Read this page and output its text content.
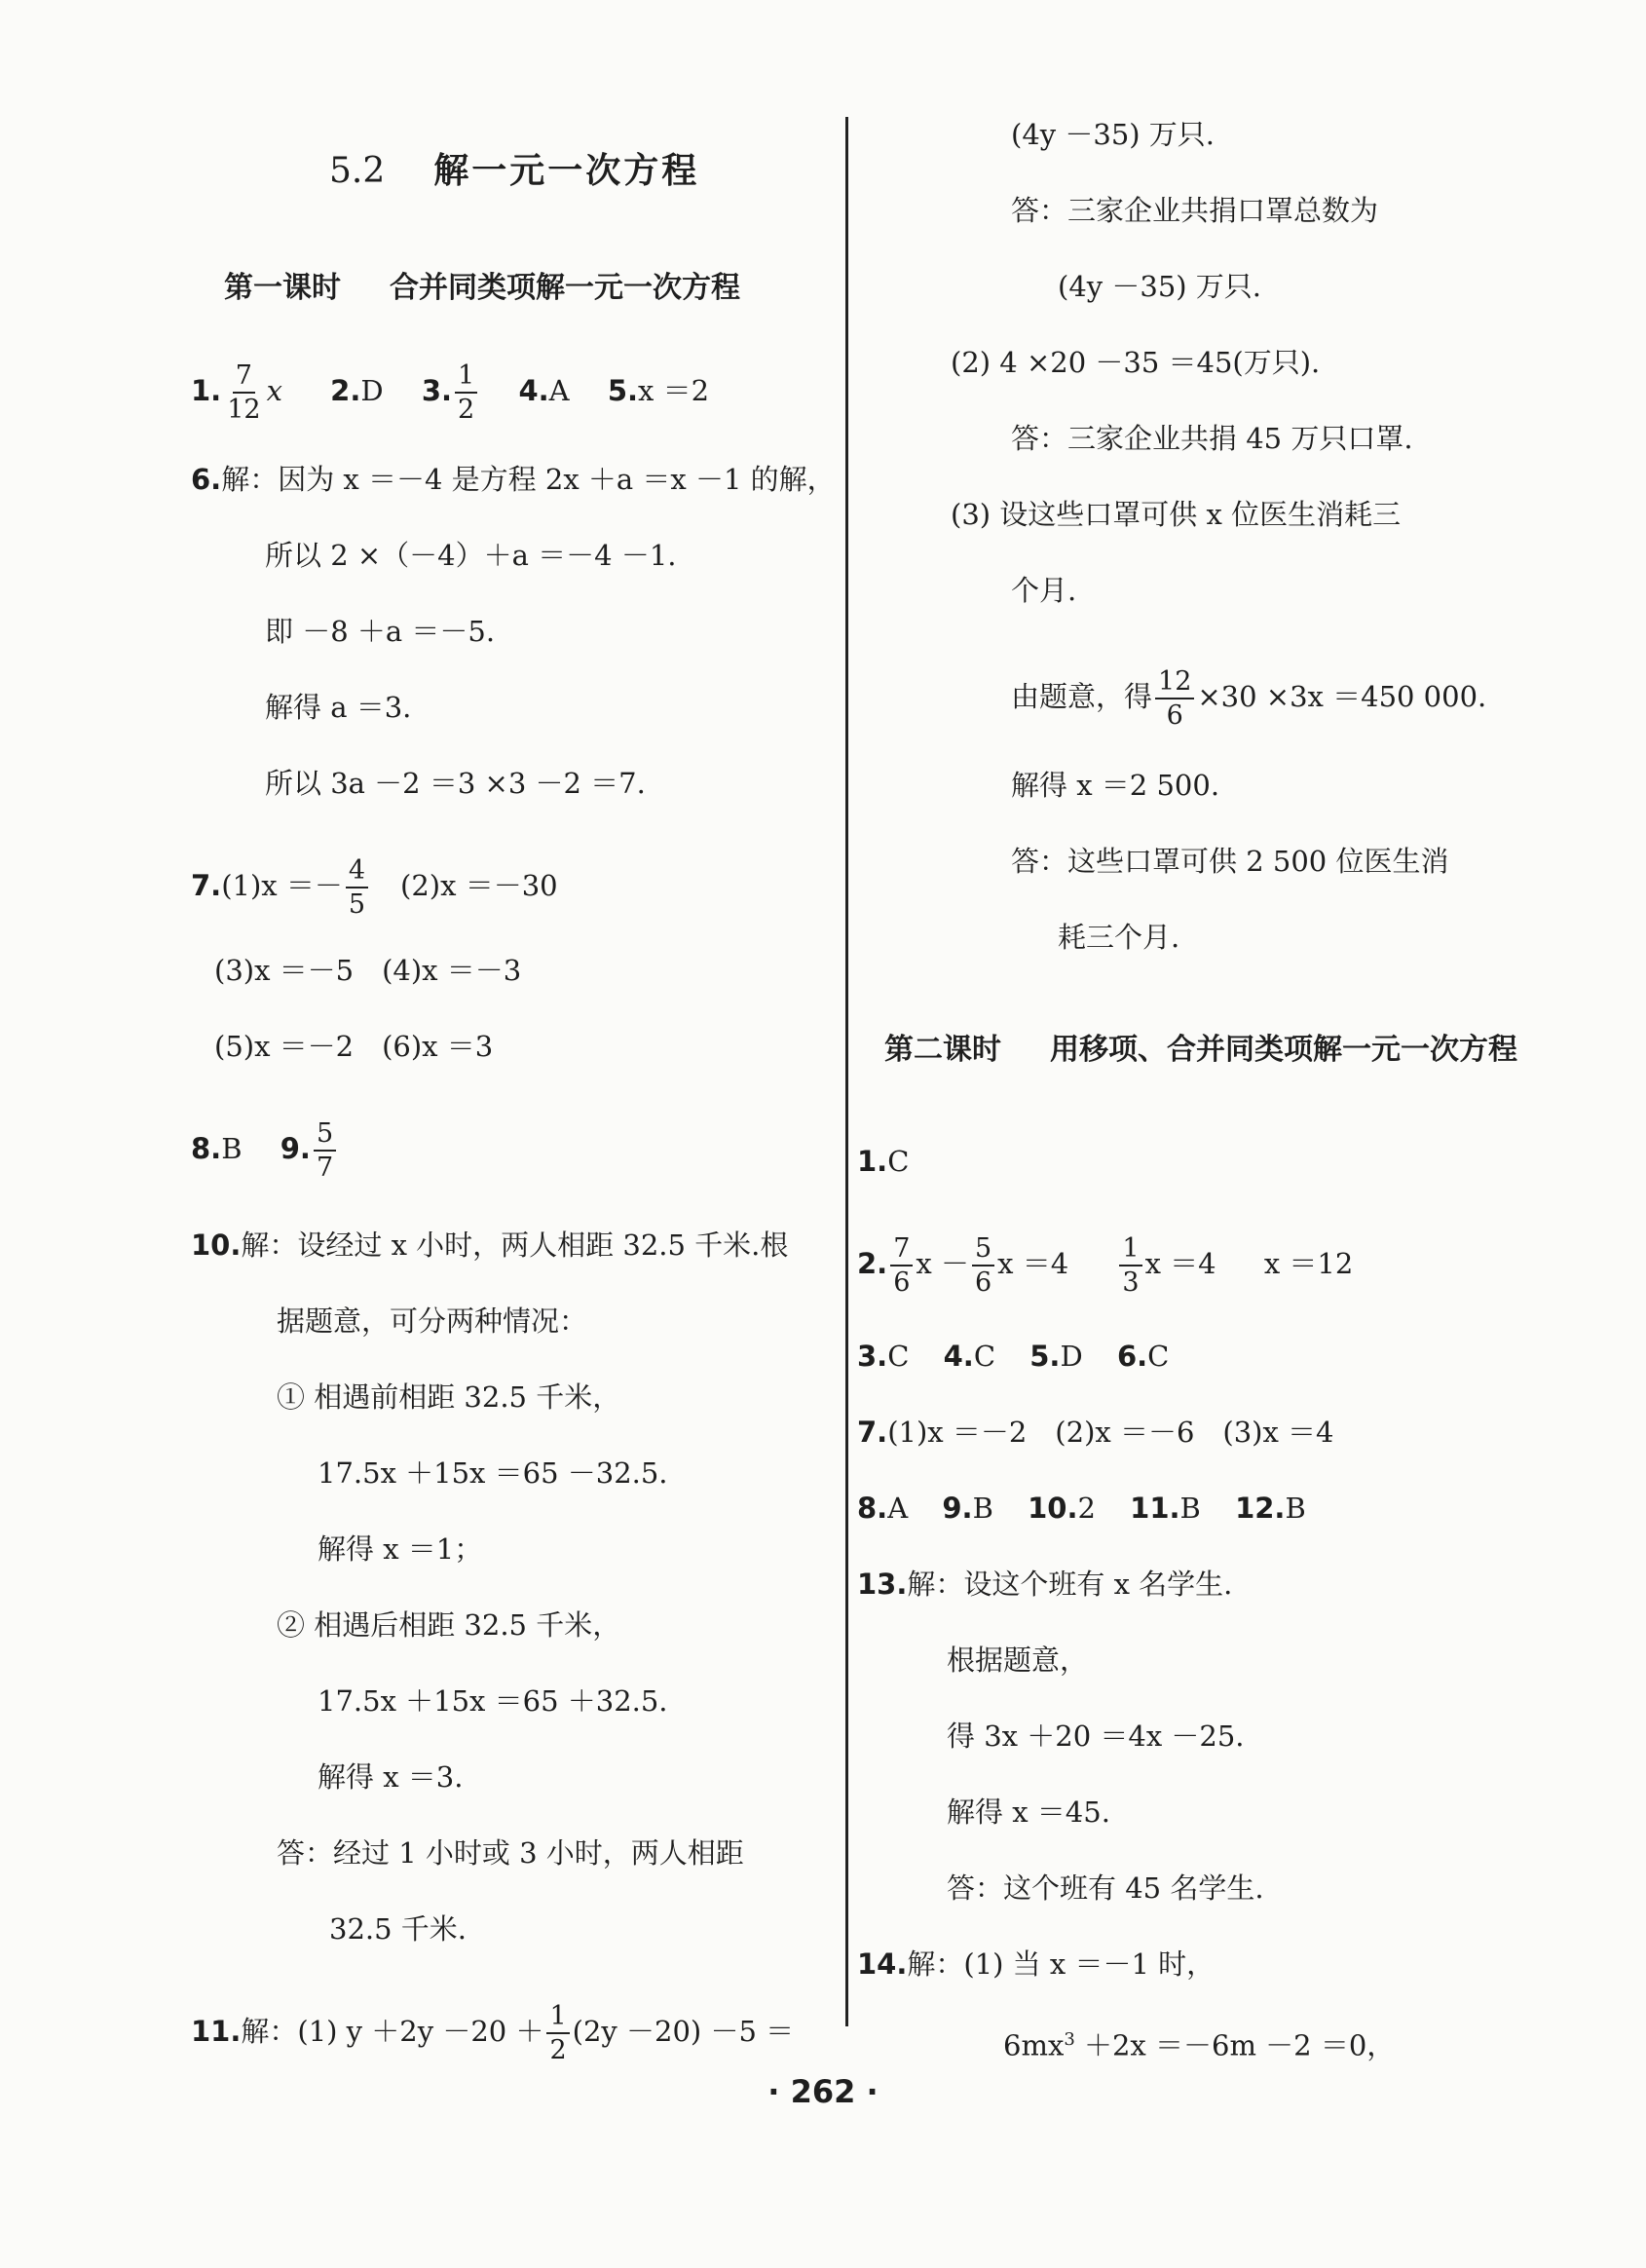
5.2 解一元一次方程
第一课时 合并同类项解一元一次方程
1. $\frac{7}{12}$ x 2.D 3. $\frac{1}{2} 4.A$ 5.x ＝2
6.解：因为 x ＝－4 是方程 2x ＋a ＝x －1 的解，
所以 2 ×（－4）＋a ＝－4 －1.
即 －8 ＋a ＝－5.
解得 a ＝3.
所以 3a －2 ＝3 ×3 －2 ＝7.
$7.(1)x =- \frac{4}{5} (2)x =-30$
(3)x ＝－5　(4)x ＝－3
(5)x ＝－2　(6)x ＝3
8.B 9. $\frac{5}{7}$
10.解：设经过 x 小时，两人相距 32.5 千米.根
据题意，可分两种情况：
① 相遇前相距 32.5 千米，
17.5x ＋15x ＝65 －32.5.
解得 x ＝1；
② 相遇后相距 32.5 千米，
17.5x ＋15x ＝65 ＋32.5.
解得 x ＝3.
答：经过 1 小时或 3 小时，两人相距
32.5 千米.
11.解：(1) $y +2y -20 + \frac{1}{2} (2y -20) -5$ ＝
(4y －35) 万只.
答：三家企业共捐口罩总数为
(4y －35) 万只.
(2) 4 ×20 －35 ＝45(万只).
答：三家企业共捐 45 万只口罩.
(3) 设这些口罩可供 x 位医生消耗三
个月.
由题意，得 $\frac{12}{6} \times 30 \times 3x =450$ 000.
解得 x ＝2 500.
答：这些口罩可供 2 500 位医生消
耗三个月.
第二课时 用移项、合并同类项解一元一次方程
1.C
2. $\frac{7}{6}$ $x - \frac{5}{6}$ $x =4 \frac{1}{3}$ x ＝4 x ＝12
3.C 4.C 5.D 6.C
7.(1)x ＝－2　(2)x ＝－6　(3)x ＝4
8.A 9.B 10.2 11.B 12.B
13.解：设这个班有 x 名学生.
根据题意，
得 3x ＋20 ＝4x －25.
解得 x ＝45.
答：这个班有 45 名学生.
14.解：(1) 当 x ＝－1 时，
$6mx^3 +2x =-6m -2 =0$，
· 262 ·
